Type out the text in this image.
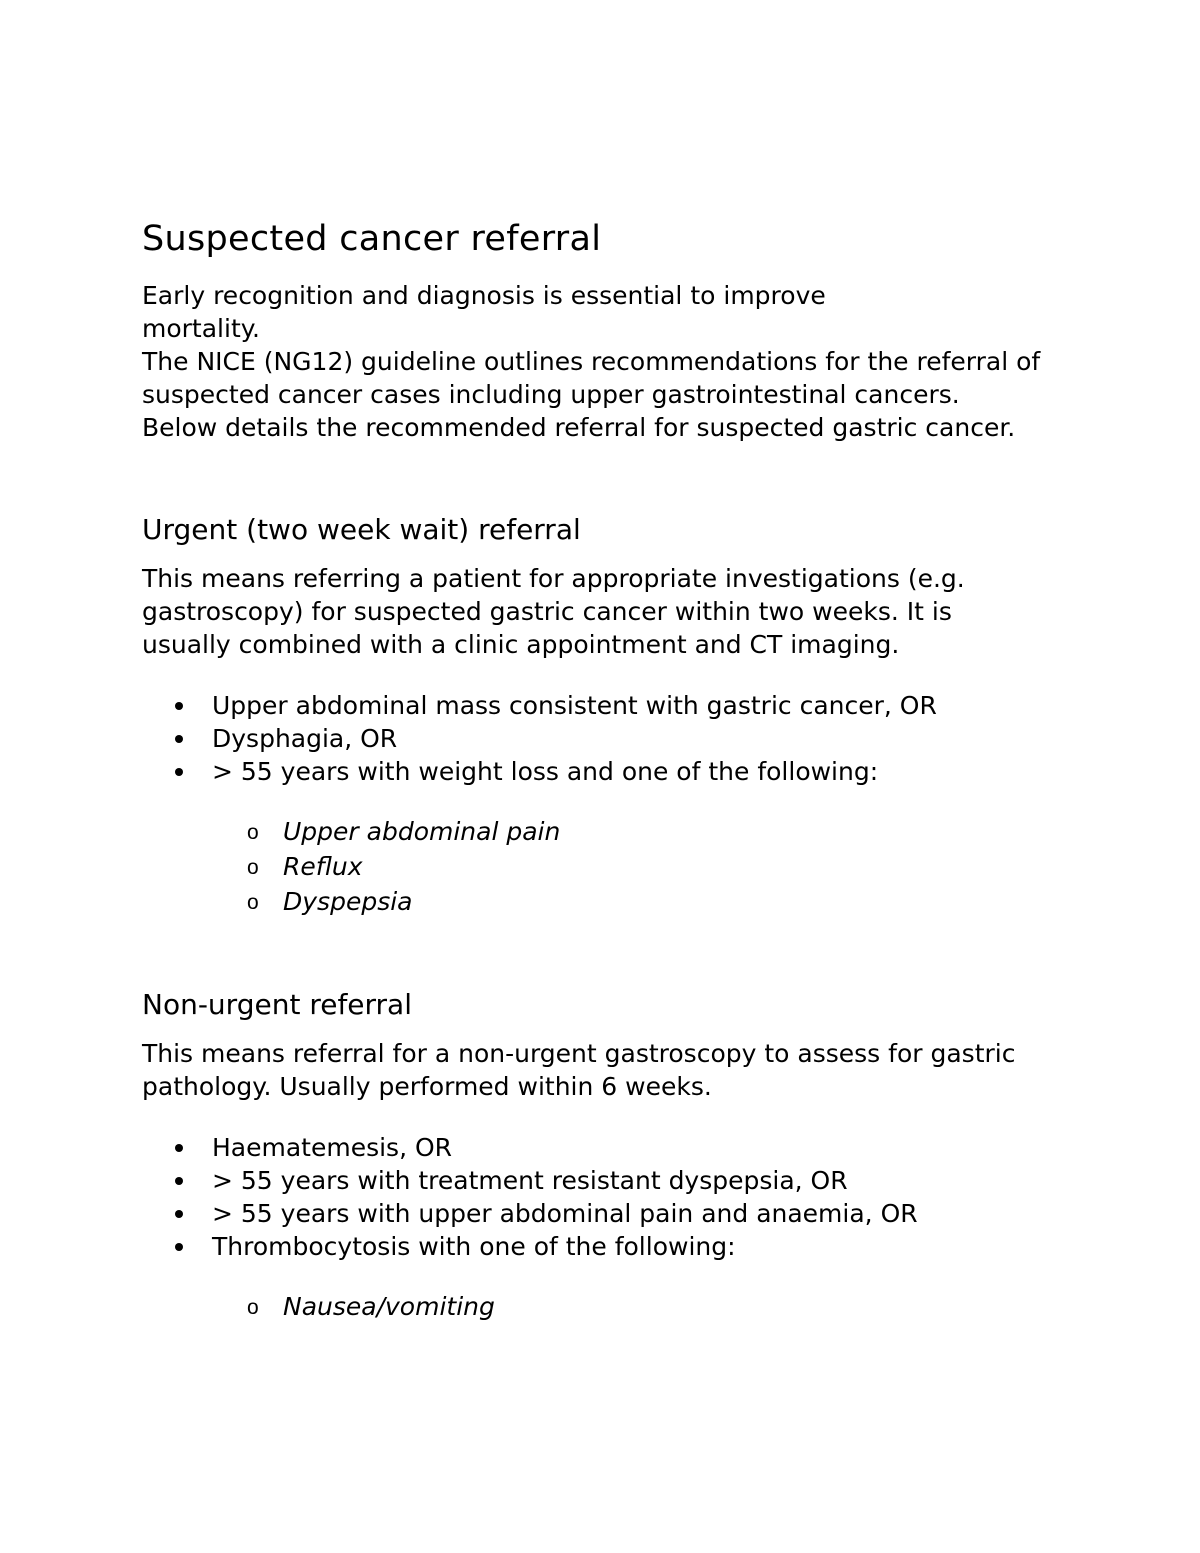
Suspected cancer referral

Early recognition and diagnosis is essential to improve mortality.

The NICE (NG12) guideline outlines recommendations for the referral of suspected cancer cases including upper gastrointestinal cancers. Below details the recommended referral for suspected gastric cancer.

Urgent (two week wait) referral

This means referring a patient for appropriate investigations (e.g. gastroscopy) for suspected gastric cancer within two weeks. It is usually combined with a clinic appointment and CT imaging.

Upper abdominal mass consistent with gastric cancer, OR
Dysphagia, OR
> 55 years with weight loss and one of the following:
o Upper abdominal pain
o Reflux
o Dyspepsia
Non-urgent referral

This means referral for a non-urgent gastroscopy to assess for gastric pathology. Usually performed within 6 weeks.

Haematemesis, OR
> 55 years with treatment resistant dyspepsia, OR
> 55 years with upper abdominal pain and anaemia, OR
Thrombocytosis with one of the following:
o Nausea/vomiting
